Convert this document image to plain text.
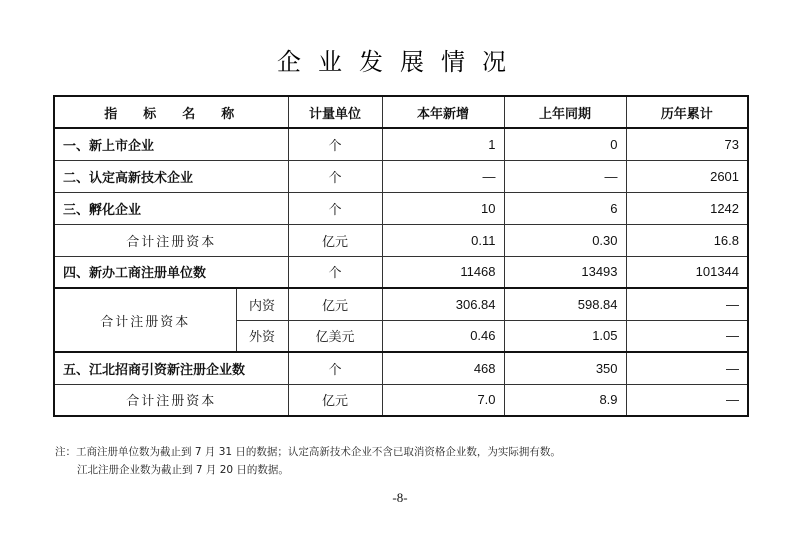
企业发展情况
指标名称		计量单位	本年新增	上年同期	历年累计
一、新上市企业		个	1	0	73
二、认定高新技术企业		个	—	—	2601
三、孵化企业		个	10	6	1242
合计注册资本		亿元	0.11	0.30	16.8
四、新办工商注册单位数		个	11468	13493	101344
合计注册资本	内资	亿元	306.84	598.84	—
	外资	亿美元	0.46	1.05	—
五、江北招商引资新注册企业数		个	468	350	—
合计注册资本		亿元	7.0	8.9	—
注：工商注册单位数为截止到 7 月 31 日的数据；认定高新技术企业不含已取消资格企业数，为实际拥有数。
江北注册企业数为截止到 7 月 20 日的数据。
-8-
